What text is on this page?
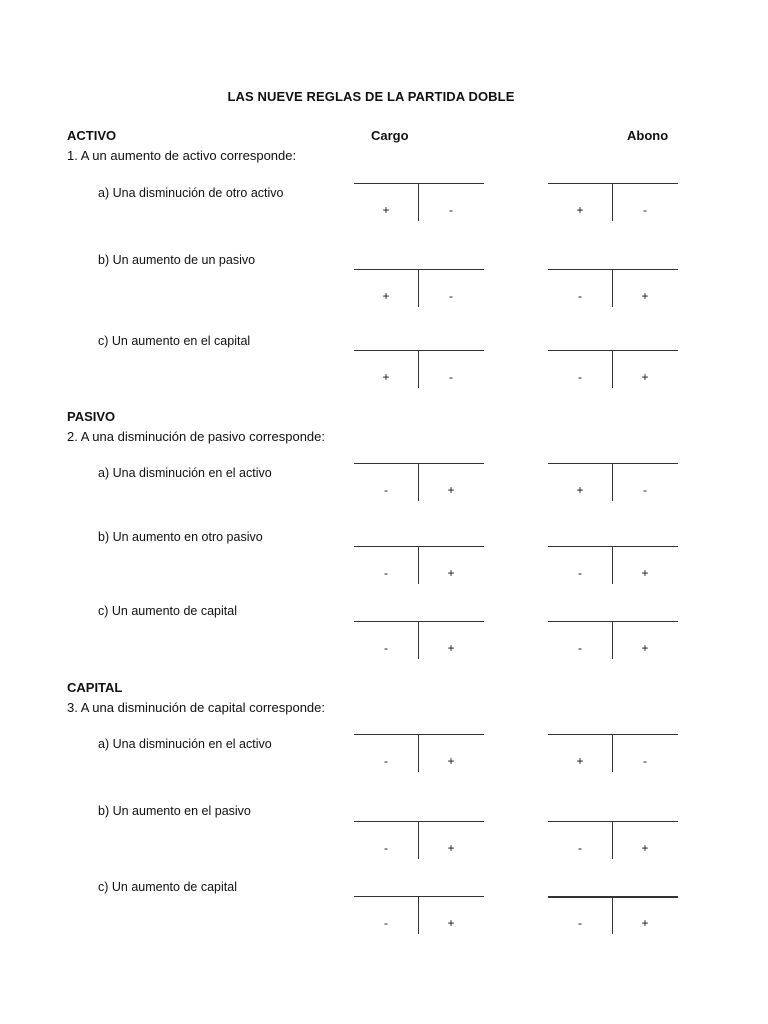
LAS NUEVE REGLAS DE LA PARTIDA DOBLE
Cargo	Abono
ACTIVO
1. A un aumento de activo corresponde:
a) Una disminución de otro activo
+	-	+	-
b) Un aumento de un pasivo
+	-	-	+
c) Un aumento en el capital
+	-	-	+
PASIVO
2. A una disminución de pasivo corresponde:
a) Una disminución en el activo
-	+	+	-
b) Un aumento en otro pasivo
-	+	-	+
c) Un aumento de capital
-	+	-	+
CAPITAL
3. A una disminución de capital corresponde:
a) Una disminución en el activo
-	+	+	-
b) Un aumento en el pasivo
-	+	-	+
c) Un aumento de capital
-	+	-	+
